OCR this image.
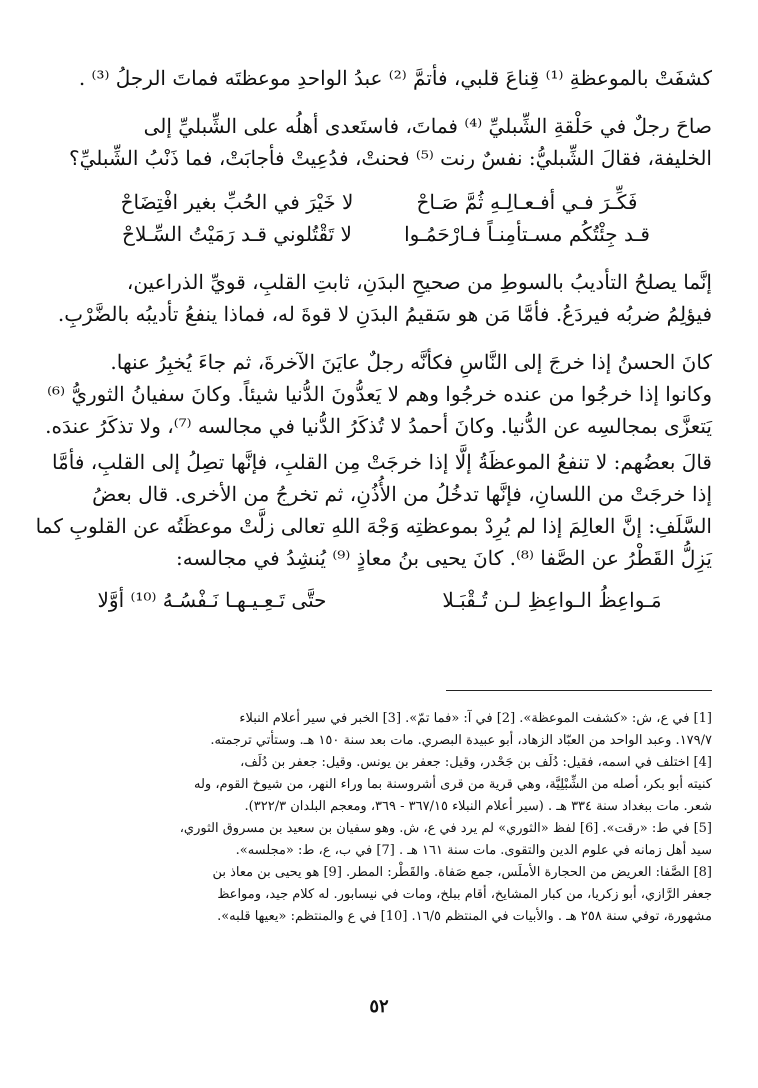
كشفَتْ بالموعظةِ ⁽¹⁾ قِناعَ قلبي، فأتمَّ ⁽²⁾ عبدُ الواحدِ موعظتَه فماتَ الرجلُ ⁽³⁾ .
صاحَ رجلٌ في حَلْقةِ الشِّبليِّ ⁽⁴⁾ فماتَ، فاستَعدى أهلُه على الشِّبليِّ إلى
الخليفة، فقالَ الشِّبليُّ: نفسٌ رنت ⁽⁵⁾ فحنتْ، فدُعِيتْ فأجابَتْ، فما ذَنْبُ الشِّبليِّ؟
فَكِّـرَ فـي أفـعـالِـهِ ثُمَّ صَـاحْ
لا خَيْرَ في الحُبِّ بغير افْتِضَاحْ
قـد جِئْتُكُم مسـتأمِنـاً فـارْحَمُـوا
لا تَقْتُلوني قـد رَمَيْتُ السِّـلاحْ
إنَّما يصلحُ التأديبُ بالسوطِ من صحيحِ البدَنِ، ثابتِ القلبِ، قويِّ الذراعين،
فيؤلِمُ ضربُه فيردَعُ. فأمَّا مَن هو سَقيمُ البدَنِ لا قوةَ له، فماذا ينفعُ تأديبُه بالضَّرْبِ.
كانَ الحسنُ إذا خرجَ إلى النَّاسِ فكأنَّه رجلٌ عايَنَ الآخرةَ، ثم جاءَ يُخبِرُ عنها.
وكانوا إذا خرجُوا من عنده خرجُوا وهم لا يَعدُّونَ الدُّنيا شيئاً. وكانَ سفيانُ الثوريُّ ⁽⁶⁾
يَتعزَّى بمجالسِه عن الدُّنيا. وكانَ أحمدُ لا تُذكَرُ الدُّنيا في مجالسه ⁽⁷⁾، ولا تذكَرُ عندَه.
قالَ بعضُهم: لا تنفعُ الموعظَةُ إلَّا إذا خرجَتْ مِن القلبِ، فإنَّها تصِلُ إلى القلبِ، فأمَّا
إذا خرجَتْ من اللسانِ، فإنَّها تدخُلُ من الأُذُنِ، ثم تخرجُ من الأخرى. قال بعضُ
السَّلَفِ: إنَّ العالِمَ إذا لم يُرِدْ بموعظتِه وَجْهَ اللهِ تعالى زلَّتْ موعظَتُه عن القلوبِ كما
يَزِلُّ القَطْرُ عن الصَّفا ⁽⁸⁾. كانَ يحيى بنُ معاذٍ ⁽⁹⁾ يُنشِدُ في مجالسه:
مَـواعِظُ الـواعِظِ لـن تُـقْبَـلا
حتَّى تَـعِـيـهـا نَـفْسُـهُ ⁽¹⁰⁾ أوَّلا
[1] في ع، ش: «كشفت الموعظة». [2] في آ: «فما تمّ». [3] الخبر في سير أعلام النبلاء
١٧٩/٧. وعبد الواحد من العبّاد الزهاد، أبو عبيدة البصري. مات بعد سنة ١٥٠ هـ. وستأتي ترجمته.
[4] اختلف في اسمه، فقيل: دُلَف بن جَحْدر، وقيل: جعفر بن يونس. وقيل: جعفر بن دُلَف،
كنيته أبو بكر، أصله من الشِّبْلِيَّة، وهي قرية من قرى أشروسنة بما وراء النهر، من شيوخ القوم، وله
شعر. مات ببغداد سنة ٣٣٤ هـ . (سير أعلام النبلاء ٣٦٧/١٥ - ٣٦٩، ومعجم البلدان ٣٢٢/٣).
[5] في ط: «رقت». [6] لفظ «الثوري» لم يرد في ع، ش. وهو سفيان بن سعيد بن مسروق الثوري،
سيد أهل زمانه في علوم الدين والتقوى. مات سنة ١٦١ هـ . [7] في ب، ع، ط: «مجلسه».
[8] الصَّفا: العريض من الحجارة الأملَس، جمع صَفاة. والقَطْر: المطر. [9] هو يحيى بن معاذ بن
جعفر الرَّازي، أبو زكريا، من كبار المشايخ، أقام ببلخ، ومات في نيسابور. له كلام جيد، ومواعظ
مشهورة، توفي سنة ٢٥٨ هـ . والأبيات في المنتظم ١٦/٥. [10] في ع والمنتظم: «يعيها قلبه».
٥٢
